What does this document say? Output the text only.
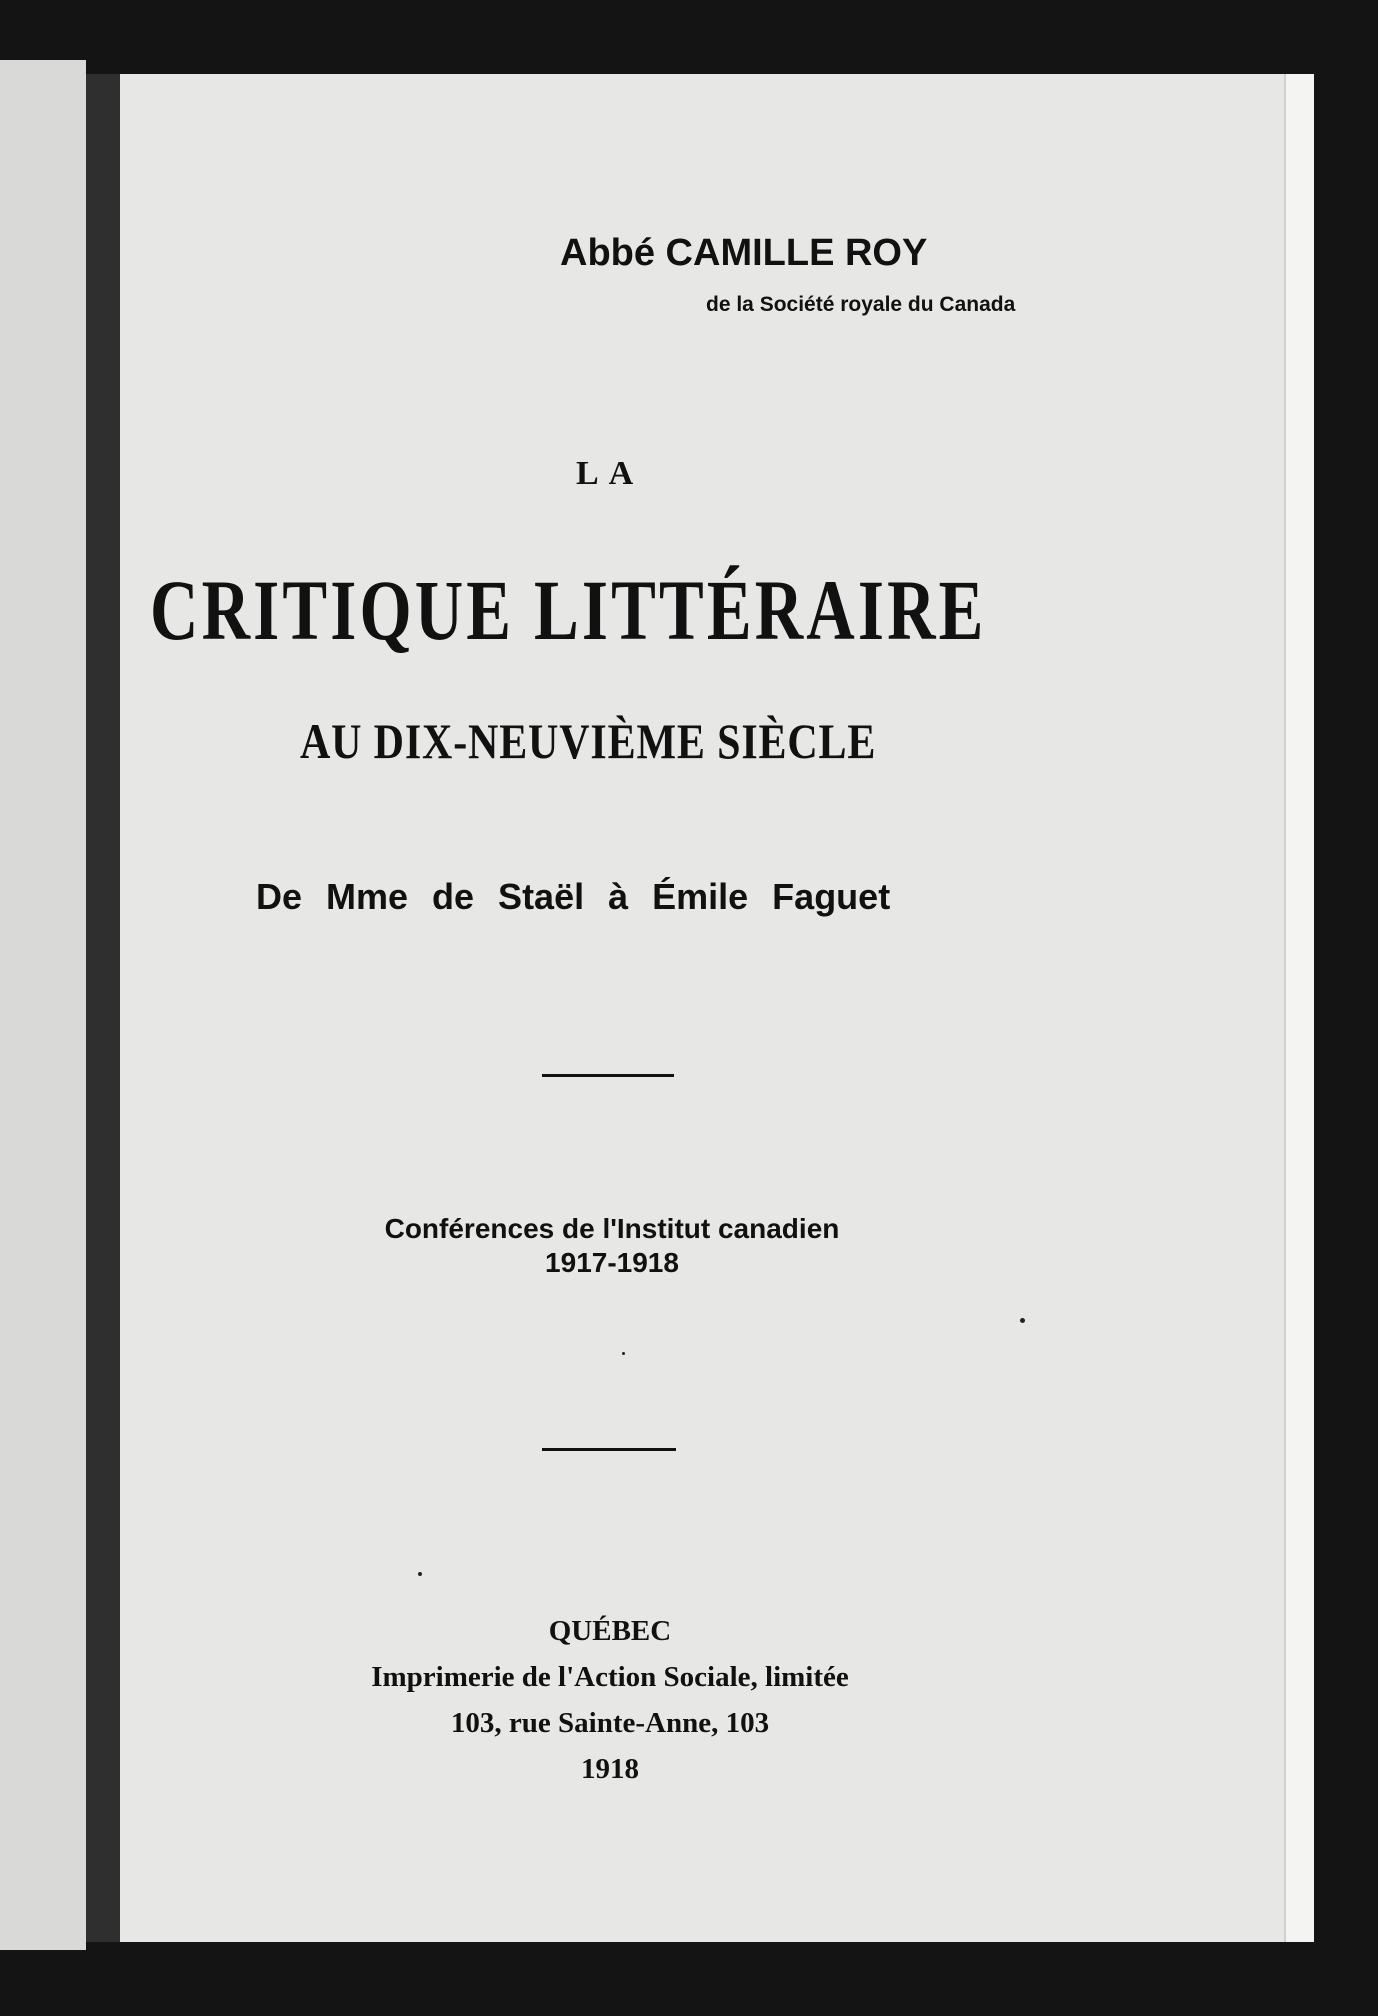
Abbé CAMILLE ROY
de la Société royale du Canada
LA
CRITIQUE LITTÉRAIRE
AU DIX-NEUVIÈME SIÈCLE
De Mme de Staël à Émile Faguet
Conférences de l'Institut canadien
1917-1918
QUÉBEC
Imprimerie de l'Action Sociale, limitée
103, rue Sainte-Anne, 103
1918
